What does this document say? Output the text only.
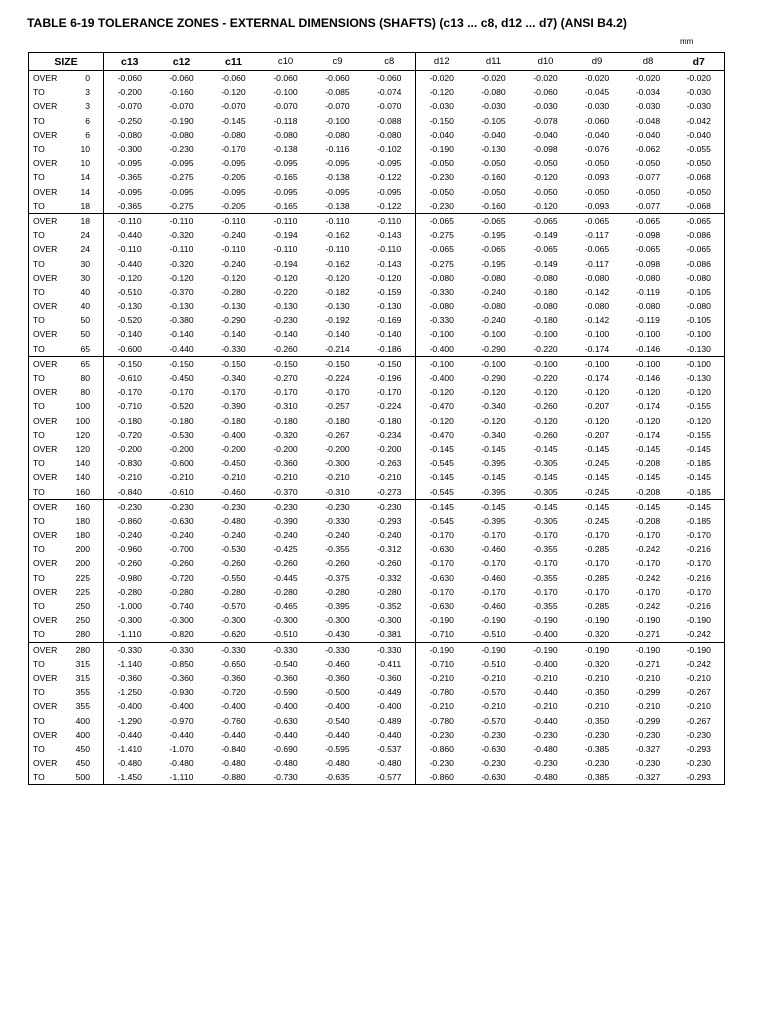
TABLE 6-19 TOLERANCE ZONES - EXTERNAL DIMENSIONS (SHAFTS) (c13 ... c8, d12 ... d7) (ANSI B4.2)
mm
SIZE		c13	c12	c11	c10	c9	c8	d12	d11	d10	d9	d8	d7
OVER	0	-0.060	-0.060	-0.060	-0.060	-0.060	-0.060	-0.020	-0.020	-0.020	-0.020	-0.020	-0.020
TO	3	-0.200	-0.160	-0.120	-0.100	-0.085	-0.074	-0.120	-0.080	-0.060	-0.045	-0.034	-0.030
OVER	3	-0.070	-0.070	-0.070	-0.070	-0.070	-0.070	-0.030	-0.030	-0.030	-0.030	-0.030	-0.030
TO	6	-0.250	-0.190	-0.145	-0.118	-0.100	-0.088	-0.150	-0.105	-0.078	-0.060	-0.048	-0.042
OVER	6	-0.080	-0.080	-0.080	-0.080	-0.080	-0.080	-0.040	-0.040	-0.040	-0.040	-0.040	-0.040
TO	10	-0.300	-0.230	-0.170	-0.138	-0.116	-0.102	-0.190	-0.130	-0.098	-0.076	-0.062	-0.055
OVER	10	-0.095	-0.095	-0.095	-0.095	-0.095	-0.095	-0.050	-0.050	-0.050	-0.050	-0.050	-0.050
TO	14	-0.365	-0.275	-0.205	-0.165	-0.138	-0.122	-0.230	-0.160	-0.120	-0.093	-0.077	-0.068
OVER	14	-0.095	-0.095	-0.095	-0.095	-0.095	-0.095	-0.050	-0.050	-0.050	-0.050	-0.050	-0.050
TO	18	-0.365	-0.275	-0.205	-0.165	-0.138	-0.122	-0.230	-0.160	-0.120	-0.093	-0.077	-0.068
OVER	18	-0.110	-0.110	-0.110	-0.110	-0.110	-0.110	-0.065	-0.065	-0.065	-0.065	-0.065	-0.065
TO	24	-0.440	-0.320	-0.240	-0.194	-0.162	-0.143	-0.275	-0.195	-0.149	-0.117	-0.098	-0.086
OVER	24	-0.110	-0.110	-0.110	-0.110	-0.110	-0.110	-0.065	-0.065	-0.065	-0.065	-0.065	-0.065
TO	30	-0.440	-0.320	-0.240	-0.194	-0.162	-0.143	-0.275	-0.195	-0.149	-0.117	-0.098	-0.086
OVER	30	-0.120	-0.120	-0.120	-0.120	-0.120	-0.120	-0.080	-0.080	-0.080	-0.080	-0.080	-0.080
TO	40	-0.510	-0.370	-0.280	-0.220	-0.182	-0.159	-0.330	-0.240	-0.180	-0.142	-0.119	-0.105
OVER	40	-0.130	-0.130	-0.130	-0.130	-0.130	-0.130	-0.080	-0.080	-0.080	-0.080	-0.080	-0.080
TO	50	-0.520	-0.380	-0.290	-0.230	-0.192	-0.169	-0.330	-0.240	-0.180	-0.142	-0.119	-0.105
OVER	50	-0.140	-0.140	-0.140	-0.140	-0.140	-0.140	-0.100	-0.100	-0.100	-0.100	-0.100	-0.100
TO	65	-0.600	-0.440	-0.330	-0.260	-0.214	-0.186	-0.400	-0.290	-0.220	-0.174	-0.146	-0.130
OVER	65	-0.150	-0.150	-0.150	-0.150	-0.150	-0.150	-0.100	-0.100	-0.100	-0.100	-0.100	-0.100
TO	80	-0.610	-0.450	-0.340	-0.270	-0.224	-0.196	-0.400	-0.290	-0.220	-0.174	-0.146	-0.130
OVER	80	-0.170	-0.170	-0.170	-0.170	-0.170	-0.170	-0.120	-0.120	-0.120	-0.120	-0.120	-0.120
TO	100	-0.710	-0.520	-0.390	-0.310	-0.257	-0.224	-0.470	-0.340	-0.260	-0.207	-0.174	-0.155
OVER	100	-0.180	-0.180	-0.180	-0.180	-0.180	-0.180	-0.120	-0.120	-0.120	-0.120	-0.120	-0.120
TO	120	-0.720	-0.530	-0.400	-0.320	-0.267	-0.234	-0.470	-0.340	-0.260	-0.207	-0.174	-0.155
OVER	120	-0.200	-0.200	-0.200	-0.200	-0.200	-0.200	-0.145	-0.145	-0.145	-0.145	-0.145	-0.145
TO	140	-0.830	-0.600	-0.450	-0.360	-0.300	-0.263	-0.545	-0.395	-0.305	-0.245	-0.208	-0.185
OVER	140	-0.210	-0.210	-0.210	-0.210	-0.210	-0.210	-0.145	-0.145	-0.145	-0.145	-0.145	-0.145
TO	160	-0.840	-0.610	-0.460	-0.370	-0.310	-0.273	-0.545	-0.395	-0.305	-0.245	-0.208	-0.185
OVER	160	-0.230	-0.230	-0.230	-0.230	-0.230	-0.230	-0.145	-0.145	-0.145	-0.145	-0.145	-0.145
TO	180	-0.860	-0.630	-0.480	-0.390	-0.330	-0.293	-0.545	-0.395	-0.305	-0.245	-0.208	-0.185
OVER	180	-0.240	-0.240	-0.240	-0.240	-0.240	-0.240	-0.170	-0.170	-0.170	-0.170	-0.170	-0.170
TO	200	-0.960	-0.700	-0.530	-0.425	-0.355	-0.312	-0.630	-0.460	-0.355	-0.285	-0.242	-0.216
OVER	200	-0.260	-0.260	-0.260	-0.260	-0.260	-0.260	-0.170	-0.170	-0.170	-0.170	-0.170	-0.170
TO	225	-0.980	-0.720	-0.550	-0.445	-0.375	-0.332	-0.630	-0.460	-0.355	-0.285	-0.242	-0.216
OVER	225	-0.280	-0.280	-0.280	-0.280	-0.280	-0.280	-0.170	-0.170	-0.170	-0.170	-0.170	-0.170
TO	250	-1.000	-0.740	-0.570	-0.465	-0.395	-0.352	-0.630	-0.460	-0.355	-0.285	-0.242	-0.216
OVER	250	-0.300	-0.300	-0.300	-0.300	-0.300	-0.300	-0.190	-0.190	-0.190	-0.190	-0.190	-0.190
TO	280	-1.110	-0.820	-0.620	-0.510	-0.430	-0.381	-0.710	-0.510	-0.400	-0.320	-0.271	-0.242
OVER	280	-0.330	-0.330	-0.330	-0.330	-0.330	-0.330	-0.190	-0.190	-0.190	-0.190	-0.190	-0.190
TO	315	-1.140	-0.850	-0.650	-0.540	-0.460	-0.411	-0.710	-0.510	-0.400	-0.320	-0.271	-0.242
OVER	315	-0.360	-0.360	-0.360	-0.360	-0.360	-0.360	-0.210	-0.210	-0.210	-0.210	-0.210	-0.210
TO	355	-1.250	-0.930	-0.720	-0.590	-0.500	-0.449	-0.780	-0.570	-0.440	-0.350	-0.299	-0.267
OVER	355	-0.400	-0.400	-0.400	-0.400	-0.400	-0.400	-0.210	-0.210	-0.210	-0.210	-0.210	-0.210
TO	400	-1.290	-0.970	-0.760	-0.630	-0.540	-0.489	-0.780	-0.570	-0.440	-0.350	-0.299	-0.267
OVER	400	-0.440	-0.440	-0.440	-0.440	-0.440	-0.440	-0.230	-0.230	-0.230	-0.230	-0.230	-0.230
TO	450	-1.410	-1.070	-0.840	-0.690	-0.595	-0.537	-0.860	-0.630	-0.480	-0.385	-0.327	-0.293
OVER	450	-0.480	-0.480	-0.480	-0.480	-0.480	-0.480	-0.230	-0.230	-0.230	-0.230	-0.230	-0.230
TO	500	-1.450	-1.110	-0.880	-0.730	-0.635	-0.577	-0.860	-0.630	-0.480	-0.385	-0.327	-0.293
